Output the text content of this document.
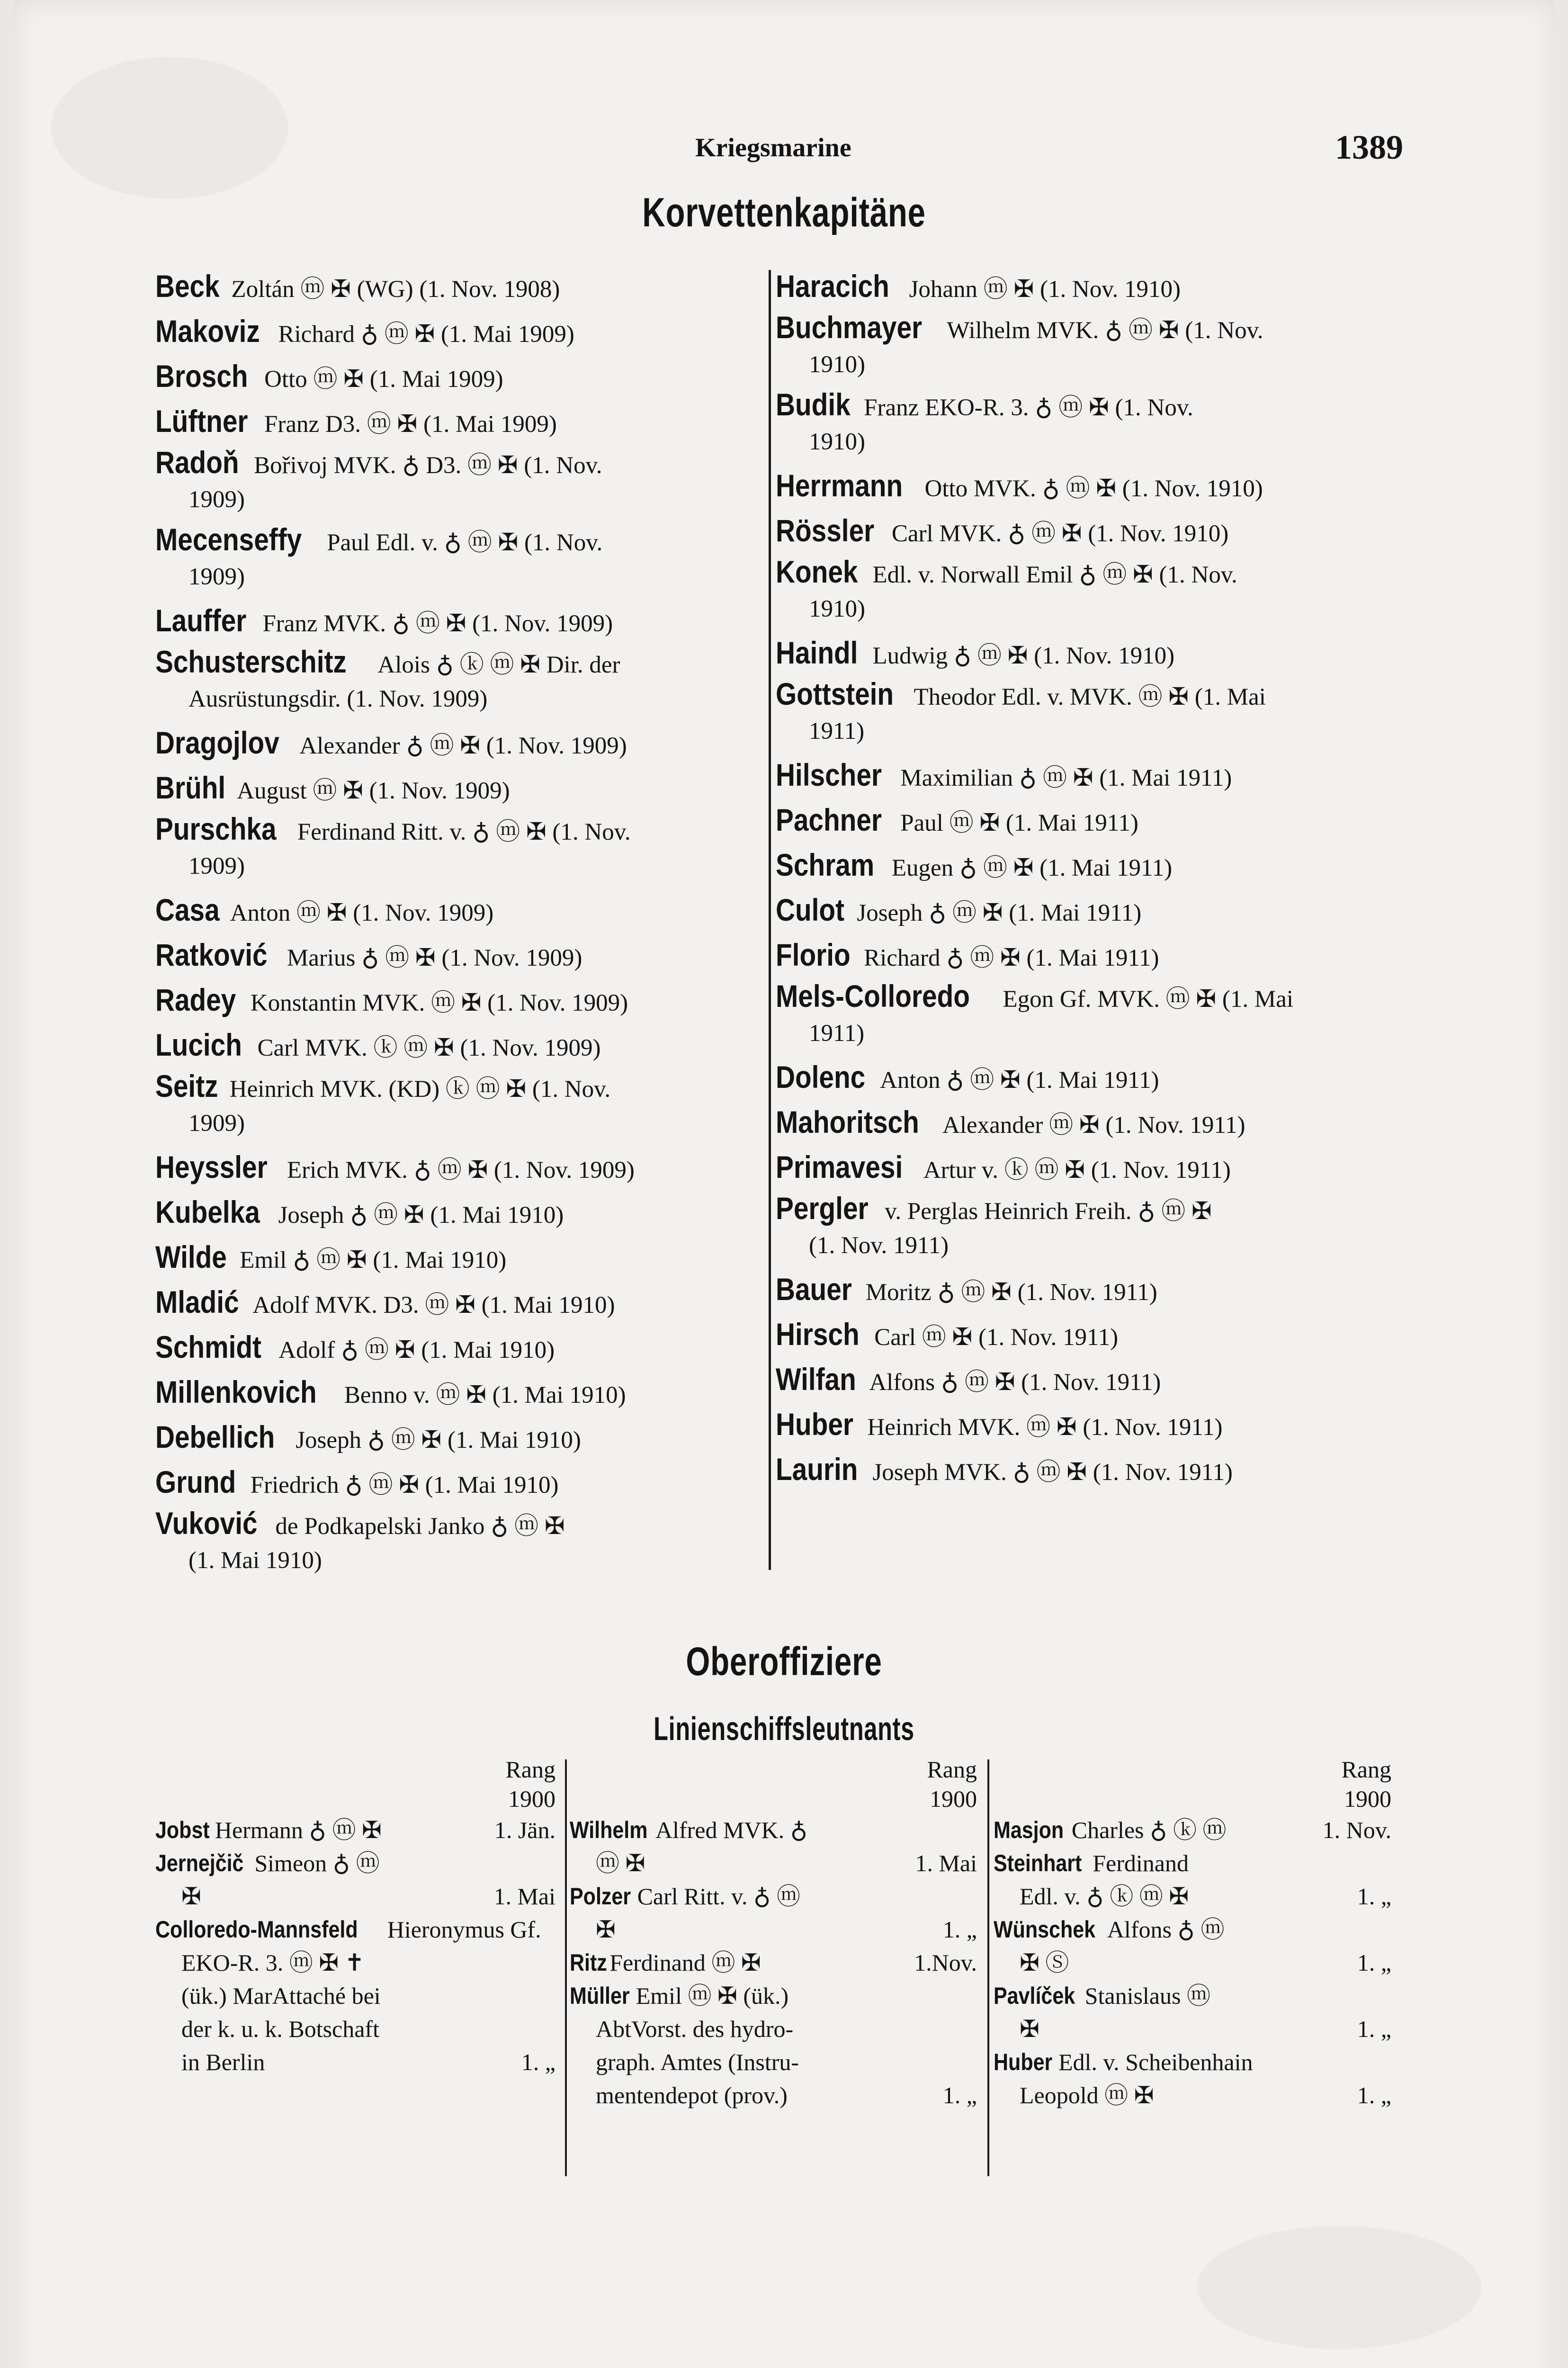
Kriegsmarine	1389
Korvettenkapitäne
Beck Zoltán ⓜ ✠ (WG) (1. Nov. 1908)
Makoviz Richard ♁ ⓜ ✠ (1. Mai 1909)
Brosch Otto ⓜ ✠ (1. Mai 1909)
Lüftner Franz D3. ⓜ ✠ (1. Mai 1909)
Radoň Bořivoj MVK. ♁ D3. ⓜ ✠ (1. Nov.
1909)
Mecenseffy Paul Edl. v. ♁ ⓜ ✠ (1. Nov.
1909)
Lauffer Franz MVK. ♁ ⓜ ✠ (1. Nov. 1909)
Schusterschitz Alois ♁ ⓚ ⓜ ✠ Dir. der
Ausrüstungsdir. (1. Nov. 1909)
Dragojlov Alexander ♁ ⓜ ✠ (1. Nov. 1909)
Brühl August ⓜ ✠ (1. Nov. 1909)
Purschka Ferdinand Ritt. v. ♁ ⓜ ✠ (1. Nov.
1909)
Casa Anton ⓜ ✠ (1. Nov. 1909)
Ratković Marius ♁ ⓜ ✠ (1. Nov. 1909)
Radey Konstantin MVK. ⓜ ✠ (1. Nov. 1909)
Lucich Carl MVK. ⓚ ⓜ ✠ (1. Nov. 1909)
Seitz Heinrich MVK. (KD) ⓚ ⓜ ✠ (1. Nov.
1909)
Heyssler Erich MVK. ♁ ⓜ ✠ (1. Nov. 1909)
Kubelka Joseph ♁ ⓜ ✠ (1. Mai 1910)
Wilde Emil ♁ ⓜ ✠ (1. Mai 1910)
Mladić Adolf MVK. D3. ⓜ ✠ (1. Mai 1910)
Schmidt Adolf ♁ ⓜ ✠ (1. Mai 1910)
Millenkovich Benno v. ⓜ ✠ (1. Mai 1910)
Debellich Joseph ♁ ⓜ ✠ (1. Mai 1910)
Grund Friedrich ♁ ⓜ ✠ (1. Mai 1910)
Vuković de Podkapelski Janko ♁ ⓜ ✠
(1. Mai 1910)
Haracich Johann ⓜ ✠ (1. Nov. 1910)
Buchmayer Wilhelm MVK. ♁ ⓜ ✠ (1. Nov.
1910)
Budik Franz EKO-R. 3. ♁ ⓜ ✠ (1. Nov.
1910)
Herrmann Otto MVK. ♁ ⓜ ✠ (1. Nov. 1910)
Rössler Carl MVK. ♁ ⓜ ✠ (1. Nov. 1910)
Konek Edl. v. Norwall Emil ♁ ⓜ ✠ (1. Nov.
1910)
Haindl Ludwig ♁ ⓜ ✠ (1. Nov. 1910)
Gottstein Theodor Edl. v. MVK. ⓜ ✠ (1. Mai
1911)
Hilscher Maximilian ♁ ⓜ ✠ (1. Mai 1911)
Pachner Paul ⓜ ✠ (1. Mai 1911)
Schram Eugen ♁ ⓜ ✠ (1. Mai 1911)
Culot Joseph ♁ ⓜ ✠ (1. Mai 1911)
Florio Richard ♁ ⓜ ✠ (1. Mai 1911)
Mels-Colloredo Egon Gf. MVK. ⓜ ✠ (1. Mai
1911)
Dolenc Anton ♁ ⓜ ✠ (1. Mai 1911)
Mahoritsch Alexander ⓜ ✠ (1. Nov. 1911)
Primavesi Artur v. ⓚ ⓜ ✠ (1. Nov. 1911)
Pergler v. Perglas Heinrich Freih. ♁ ⓜ ✠
(1. Nov. 1911)
Bauer Moritz ♁ ⓜ ✠ (1. Nov. 1911)
Hirsch Carl ⓜ ✠ (1. Nov. 1911)
Wilfan Alfons ♁ ⓜ ✠ (1. Nov. 1911)
Huber Heinrich MVK. ⓜ ✠ (1. Nov. 1911)
Laurin Joseph MVK. ♁ ⓜ ✠ (1. Nov. 1911)
Oberoffiziere
Linienschiffsleutnants
Rang
1900
Jobst Hermann ♁ ⓜ ✠	1. Jän.
Jernejčič Simeon ♁ ⓜ
✠	1. Mai
Colloredo-Mannsfeld Hieronymus Gf.
EKO-R. 3. ⓜ ✠ ✝
(ük.) MarAttaché bei
der k. u. k. Botschaft
in Berlin	1. „
Rang
1900
Wilhelm Alfred MVK. ♁
ⓜ ✠	1. Mai
Polzer Carl Ritt. v. ♁ ⓜ
✠	1. „
Ritz Ferdinand ⓜ ✠	1.Nov.
Müller Emil ⓜ ✠ (ük.)
AbtVorst. des hydro-
graph. Amtes (Instru-
mentendepot (prov.)	1. „
Rang
1900
Masjon Charles ♁ ⓚ ⓜ	1. Nov.
Steinhart Ferdinand
Edl. v. ♁ ⓚ ⓜ ✠	1. „
Wünschek Alfons ♁ ⓜ
✠ Ⓢ	1. „
Pavlíček Stanislaus ⓜ
✠	1. „
Huber Edl. v. Scheibenhain
Leopold ⓜ ✠	1. „
